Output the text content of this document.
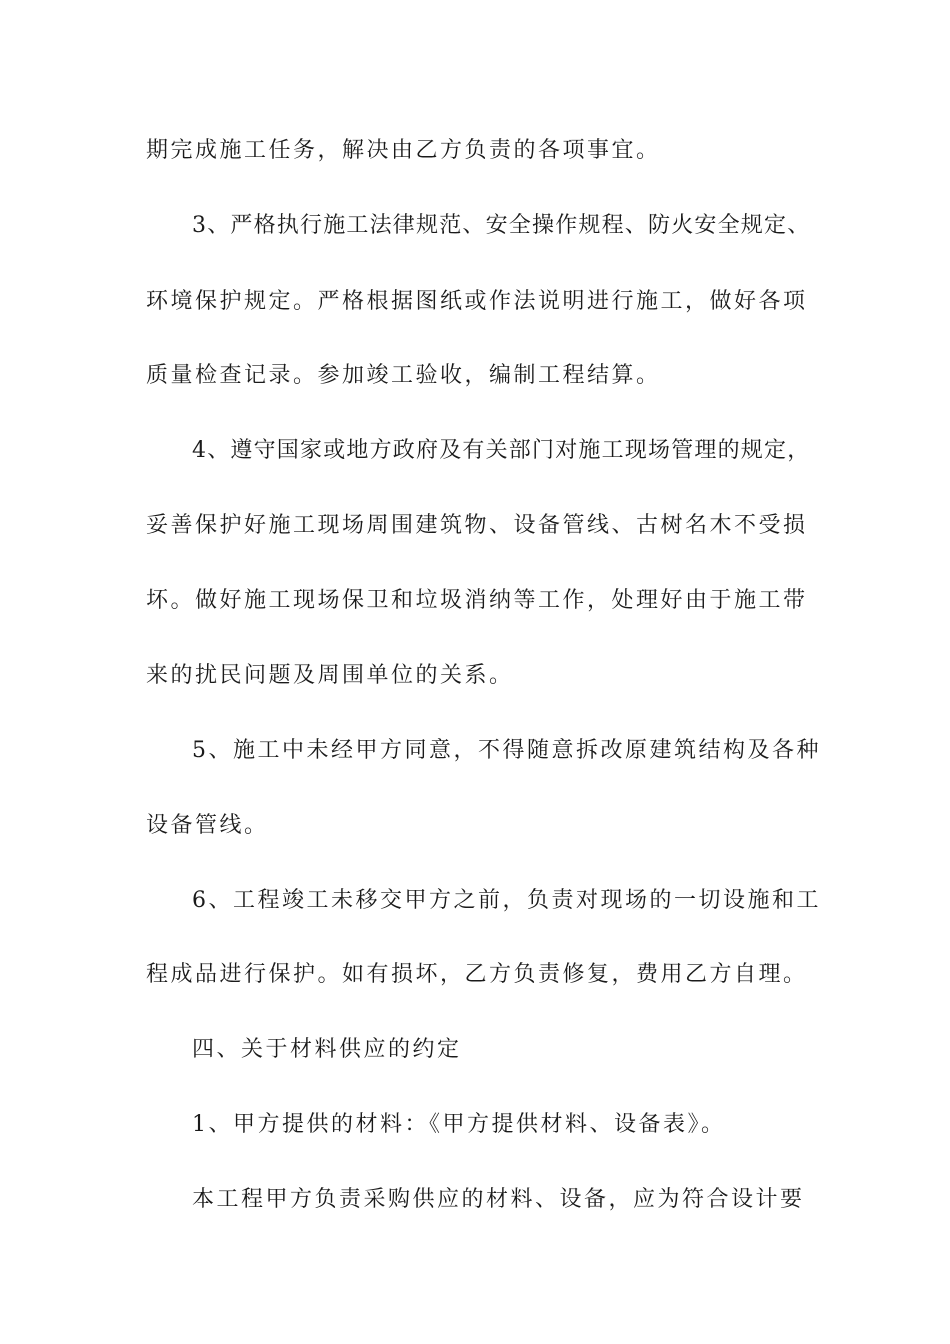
期完成施工任务，解决由乙方负责的各项事宜。
3、严格执行施工法律规范、安全操作规程、防火安全规定、
环境保护规定。严格根据图纸或作法说明进行施工，做好各项
质量检查记录。参加竣工验收，编制工程结算。
4、遵守国家或地方政府及有关部门对施工现场管理的规定，
妥善保护好施工现场周围建筑物、设备管线、古树名木不受损
坏。做好施工现场保卫和垃圾消纳等工作，处理好由于施工带
来的扰民问题及周围单位的关系。
5、施工中未经甲方同意，不得随意拆改原建筑结构及各种
设备管线。
6、工程竣工未移交甲方之前，负责对现场的一切设施和工
程成品进行保护。如有损坏，乙方负责修复，费用乙方自理。
四、关于材料供应的约定
1、甲方提供的材料：《甲方提供材料、设备表》。
本工程甲方负责采购供应的材料、设备，应为符合设计要
